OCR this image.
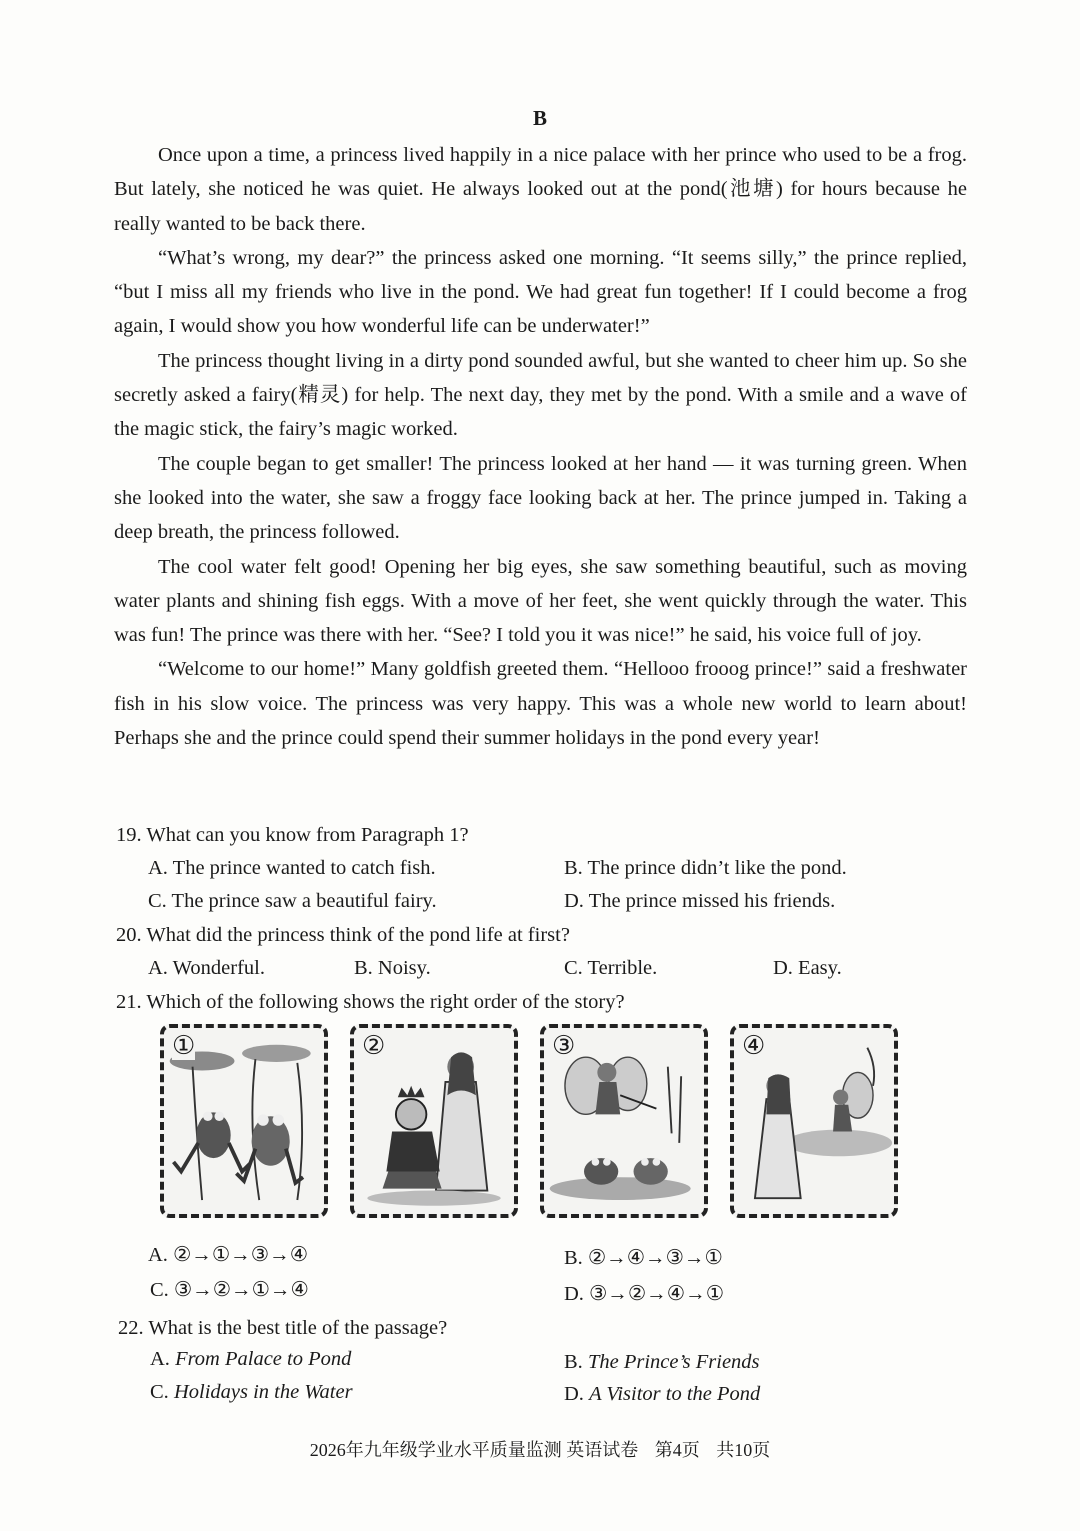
B

Once upon a time, a princess lived happily in a nice palace with her prince who used to be a frog. But lately, she noticed he was quiet. He always looked out at the pond(池塘) for hours because he really wanted to be back there.

“What’s wrong, my dear?” the princess asked one morning. “It seems silly,” the prince replied, “but I miss all my friends who live in the pond. We had great fun together! If I could become a frog again, I would show you how wonderful life can be underwater!”

The princess thought living in a dirty pond sounded awful, but she wanted to cheer him up. So she secretly asked a fairy(精灵) for help. The next day, they met by the pond. With a smile and a wave of the magic stick, the fairy’s magic worked.

The couple began to get smaller! The princess looked at her hand — it was turning green. When she looked into the water, she saw a froggy face looking back at her. The prince jumped in. Taking a deep breath, the princess followed.

The cool water felt good! Opening her big eyes, she saw something beautiful, such as moving water plants and shining fish eggs. With a move of her feet, she went quickly through the water. This was fun! The prince was there with her. “See? I told you it was nice!” he said, his voice full of joy.

“Welcome to our home!” Many goldfish greeted them. “Hellooo frooog prince!” said a freshwater fish in his slow voice. The princess was very happy. This was a whole new world to learn about! Perhaps she and the prince could spend their summer holidays in the pond every year!

19. What can you know from Paragraph 1?
A. The prince wanted to catch fish.	B. The prince didn’t like the pond.
C. The prince saw a beautiful fairy.	D. The prince missed his friends.
20. What did the princess think of the pond life at first?
A. Wonderful.	B. Noisy.	C. Terrible.	D. Easy.
21. Which of the following shows the right order of the story?
①	②	③	④
A. ②→①→③→④	B. ②→④→③→①
C. ③→②→①→④	D. ③→②→④→①
22. What is the best title of the passage?
A. From Palace to Pond	B. The Prince’s Friends
C. Holidays in the Water	D. A Visitor to the Pond
2026年九年级学业水平质量监测 英语试卷 第4页 共10页
